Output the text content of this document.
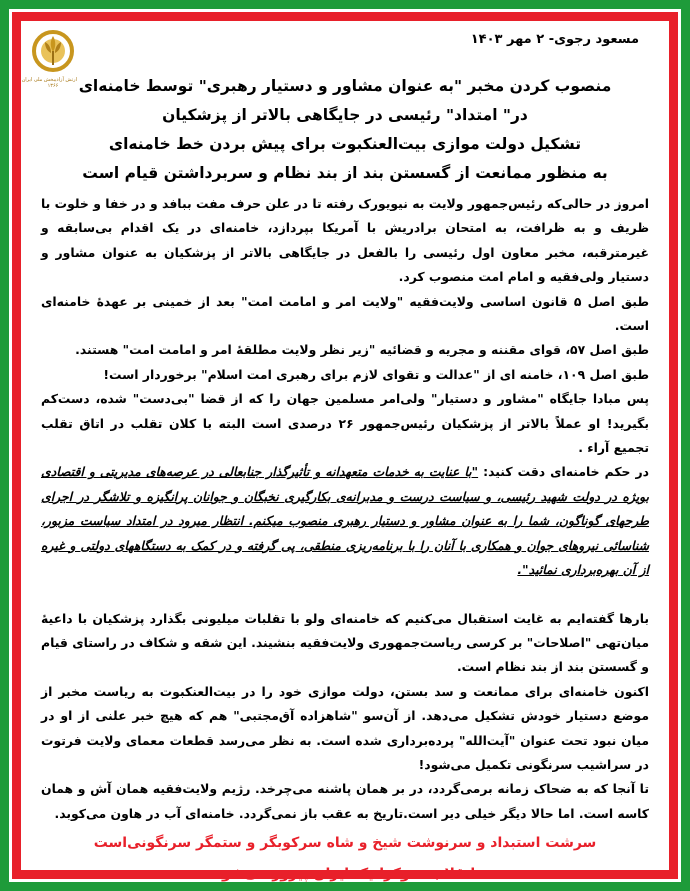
ارتش آزادیبخش ملی ایران
۱۳۶۶
مسعود رجوی- ۲ مهر ۱۴۰۳
منصوب کردن مخبر "به عنوان مشاور و دستیار رهبری" توسط خامنه‌ای
در" امتداد" رئیسی در جایگاهی بالاتر از پزشکیان
تشکیل دولت موازی بیت‌العنکبوت برای پیش بردن خط خامنه‌ای
به منظور ممانعت از گسستن بند از بند نظام و سربرداشتن قیام است

امروز در حالی‌که رئیس‌جمهور ولایت به نیویورک رفته تا در علن حرف مفت ببافد و در خفا و خلوت با ظریف و به ظرافت، به امتحان برادریش با آمریکا بپردازد، خامنه‌ای در یک اقدام بی‌سابقه و غیرمترقبه، مخبر معاون اول رئیسی را بالفعل در جایگاهی بالاتر از پزشکیان به عنوان مشاور و دستیار ولی‌فقیه و امام امت منصوب کرد.

طبق اصل ۵ قانون اساسی ولایت‌فقیه "ولایت امر و امامت امت" بعد از خمینی بر عهدهٔ خامنه‌ای است.

طبق اصل ۵۷، قوای مقننه و مجریه و قضائیه "زیر نظر ولایت مطلقهٔ امر و امامت امت" هستند.

طبق اصل ۱۰۹، خامنه ای از "عدالت و تقوای لازم برای رهبری امت اسلام" برخوردار است!

پس مبادا جایگاه "مشاور و دستیار" ولی‌امر مسلمین جهان را که از قضا "بی‌دست" شده، دست‌کم بگیرید! او عملاً بالاتر از پزشکیان رئیس‌جمهور ۲۶ درصدی است البته با کلان تقلب در اتاق تقلب تجمیع آراء .

در حکم خامنه‌ای دقت کنید: "با عنایت به خدمات متعهدانه و تأثیرگذار جنابعالی در عرصه‌های مدیریتی و اقتصادی بویژه در دولت شهید رئیسی، و سیاست درست و مدبرانه‌ی بکارگیری نخبگان و جوانان پرانگیزه و تلاشگر در اجرای طرحهای گوناگون، شما را به عنوان مشاور و دستیار رهبری منصوب میکنم. انتظار میرود در امتداد سیاست مزبور، شناسائی نیروهای جوان و همکاری با آنان را با برنامه‌ریزی منطقی، پی گرفته و در کمک به دستگاههای دولتی و غیره از آن بهره‌برداری نمائید".

بارها گفته‌ایم به غایت استقبال می‌کنیم که خامنه‌ای ولو با تقلبات میلیونی بگذارد پزشکیان با داعیهٔ میان‌تهی "اصلاحات" بر کرسی ریاست‌جمهوری ولایت‌فقیه بنشیند. این شقه و شکاف در راستای قیام و گسستن بند از بند نظام است.

اکنون خامنه‌ای برای ممانعت و سد بستن، دولت موازی خود را در بیت‌العنکبوت به ریاست مخبر از موضع دستیار خودش تشکیل می‌دهد. از آن‌سو "شاهزاده آق‌مجتبی" هم که هیچ خبر علنی از او در میان نبود تحت عنوان "آیت‌الله" پرده‌برداری شده است. به نظر می‌رسد قطعات معمای ولایت فرتوت در سراشیب سرنگونی تکمیل می‌شود!

تا آنجا که به ضحاک زمانه برمی‌گردد، در بر همان پاشنه می‌چرخد. رژیم ولایت‌فقیه همان آش و همان کاسه است. اما حالا دیگر خیلی دیر است.تاریخ به عقب باز نمی‌گردد. خامنه‌ای آب در هاون می‌کوبد.

سرشت استبداد و سرنوشت شیخ و شاه سرکوبگر و ستمگر سرنگونی‌است
انقلاب دموکراتیک ایران پیروز می‌شود
